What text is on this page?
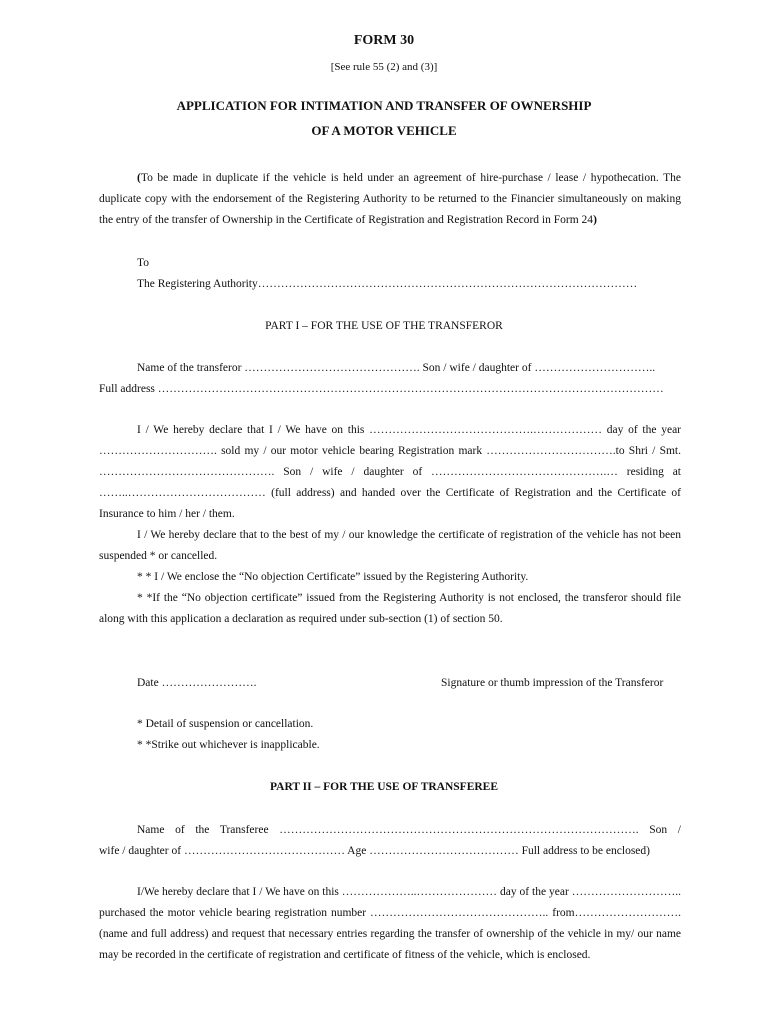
FORM 30
[See rule 55 (2) and (3)]
APPLICATION FOR INTIMATION AND TRANSFER OF OWNERSHIP
OF A MOTOR VEHICLE
(To be made in duplicate if the vehicle is held under an agreement of hire-purchase / lease / hypothecation. The duplicate copy with the endorsement of the Registering Authority to be returned to the Financier simultaneously on making the entry of the transfer of Ownership in the Certificate of Registration and Registration Record in Form 24)
To
The Registering Authority………………………………………………………………………………………
PART I – FOR THE USE OF THE TRANSFEROR
Name of the transferor ………………………………………. Son / wife / daughter of …………………………..
Full address ……………………………………………………………………………………………………………………
I / We hereby declare that I / We have on this …………………………………….……………… day of the year …………………………. sold my / our motor vehicle bearing Registration mark …………………………….to Shri / Smt. ………………………………………. Son / wife / daughter of ……………………………………….… residing at ……..……………………………… (full address) and handed over the Certificate of Registration and the Certificate of Insurance to him / her / them.
I / We hereby declare that to the best of my / our knowledge the certificate of registration of the vehicle has not been suspended * or cancelled.
* * I / We enclose the “No objection Certificate” issued by the Registering Authority.
* *If the “No objection certificate” issued from the Registering Authority is not enclosed, the transferor should file along with this application a declaration as required under sub-section (1) of section 50.
Date …………………….	Signature or thumb impression of the Transferor
* Detail of suspension or cancellation.
* *Strike out whichever is inapplicable.
PART II – FOR THE USE OF TRANSFEREE
Name of the Transferee …………………………………………………………………………………. Son /
wife / daughter of …………………………………… Age ………………………………… Full address to be enclosed)
I/We hereby declare that I / We have on this ………………..………………… day of the year ……………………….. purchased the motor vehicle bearing registration number ……………………………………….. from……………………….(name and full address) and request that necessary entries regarding the transfer of ownership of the vehicle in my/ our name may be recorded in the certificate of registration and certificate of fitness of the vehicle, which is enclosed.
